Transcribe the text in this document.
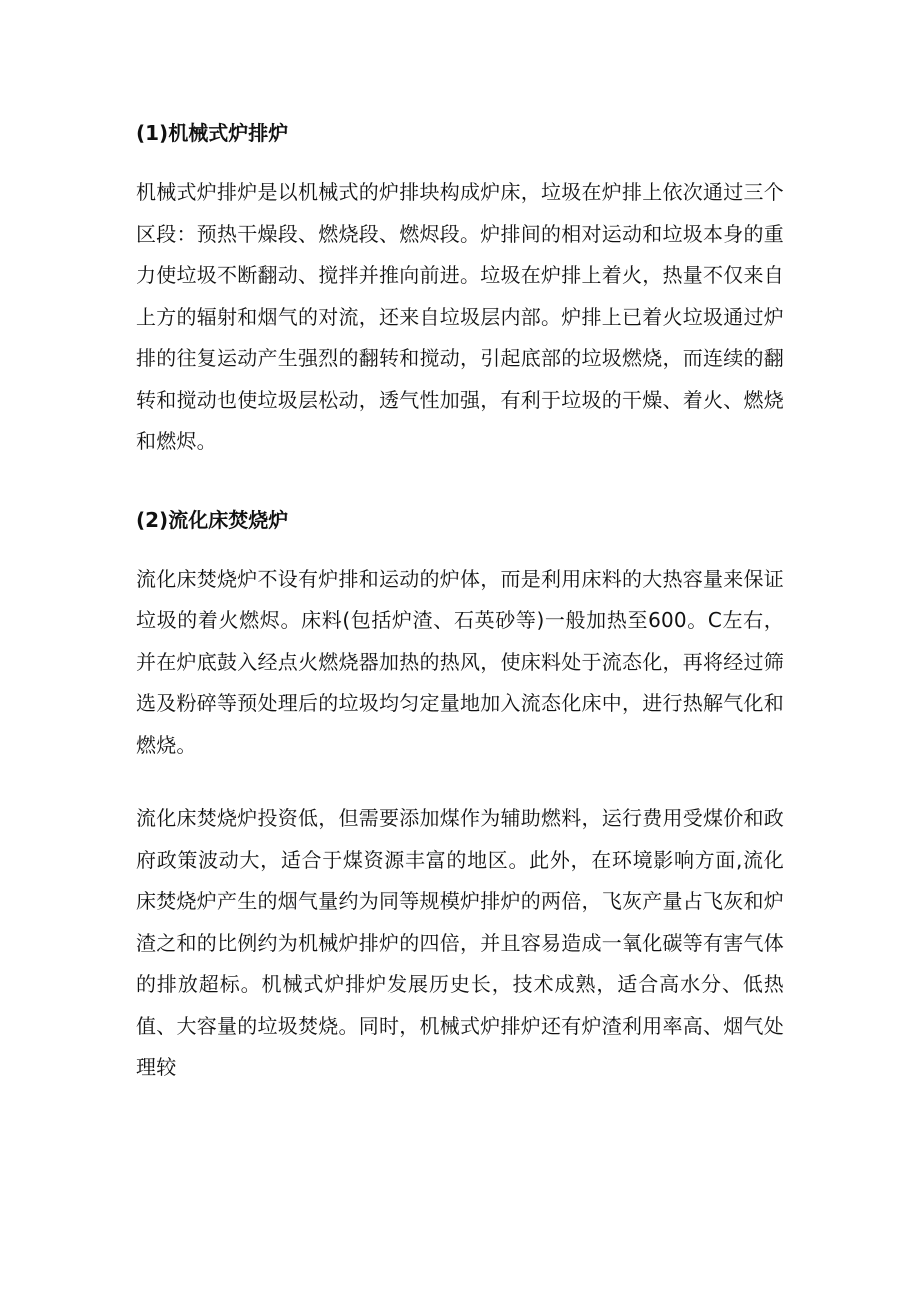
(1)机械式炉排炉

机械式炉排炉是以机械式的炉排块构成炉床，垃圾在炉排上依次通过三个区段：预热干燥段、燃烧段、燃烬段。炉排间的相对运动和垃圾本身的重力使垃圾不断翻动、搅拌并推向前进。垃圾在炉排上着火，热量不仅来自上方的辐射和烟气的对流，还来自垃圾层内部。炉排上已着火垃圾通过炉排的往复运动产生强烈的翻转和搅动，引起底部的垃圾燃烧，而连续的翻转和搅动也使垃圾层松动，透气性加强，有利于垃圾的干燥、着火、燃烧和燃烬。

(2)流化床焚烧炉

流化床焚烧炉不设有炉排和运动的炉体，而是利用床料的大热容量来保证垃圾的着火燃烬。床料(包括炉渣、石英砂等)一般加热至600。C左右，并在炉底鼓入经点火燃烧器加热的热风，使床料处于流态化，再将经过筛选及粉碎等预处理后的垃圾均匀定量地加入流态化床中，进行热解气化和燃烧。

流化床焚烧炉投资低，但需要添加煤作为辅助燃料，运行费用受煤价和政府政策波动大，适合于煤资源丰富的地区。此外，在环境影响方面,流化床焚烧炉产生的烟气量约为同等规模炉排炉的两倍，飞灰产量占飞灰和炉渣之和的比例约为机械炉排炉的四倍，并且容易造成一氧化碳等有害气体的排放超标。机械式炉排炉发展历史长，技术成熟，适合高水分、低热值、大容量的垃圾焚烧。同时，机械式炉排炉还有炉渣利用率高、烟气处理较
